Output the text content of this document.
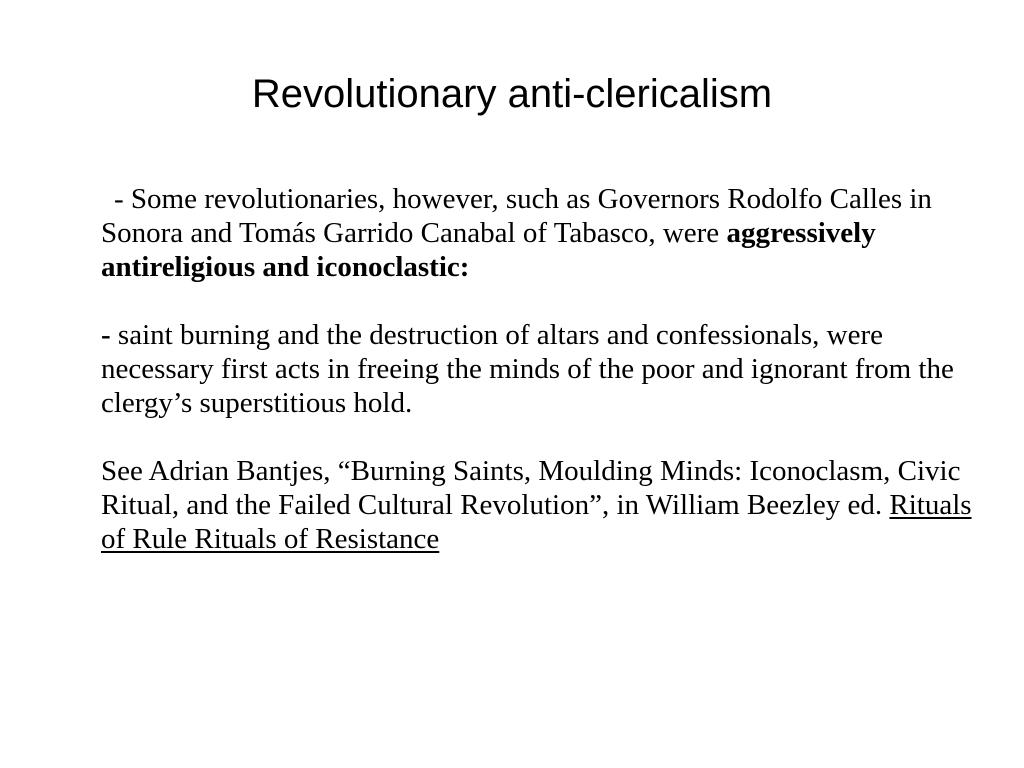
Revolutionary anti-clericalism

- Some revolutionaries, however, such as Governors Rodolfo Calles in Sonora and Tomás Garrido Canabal of Tabasco, were aggressively antireligious and iconoclastic:

- saint burning and the destruction of altars and confessionals, were necessary first acts in freeing the minds of the poor and ignorant from the clergy’s superstitious hold.

See Adrian Bantjes, “Burning Saints, Moulding Minds: Iconoclasm, Civic Ritual, and the Failed Cultural Revolution”, in William Beezley ed. Rituals of Rule Rituals of Resistance
